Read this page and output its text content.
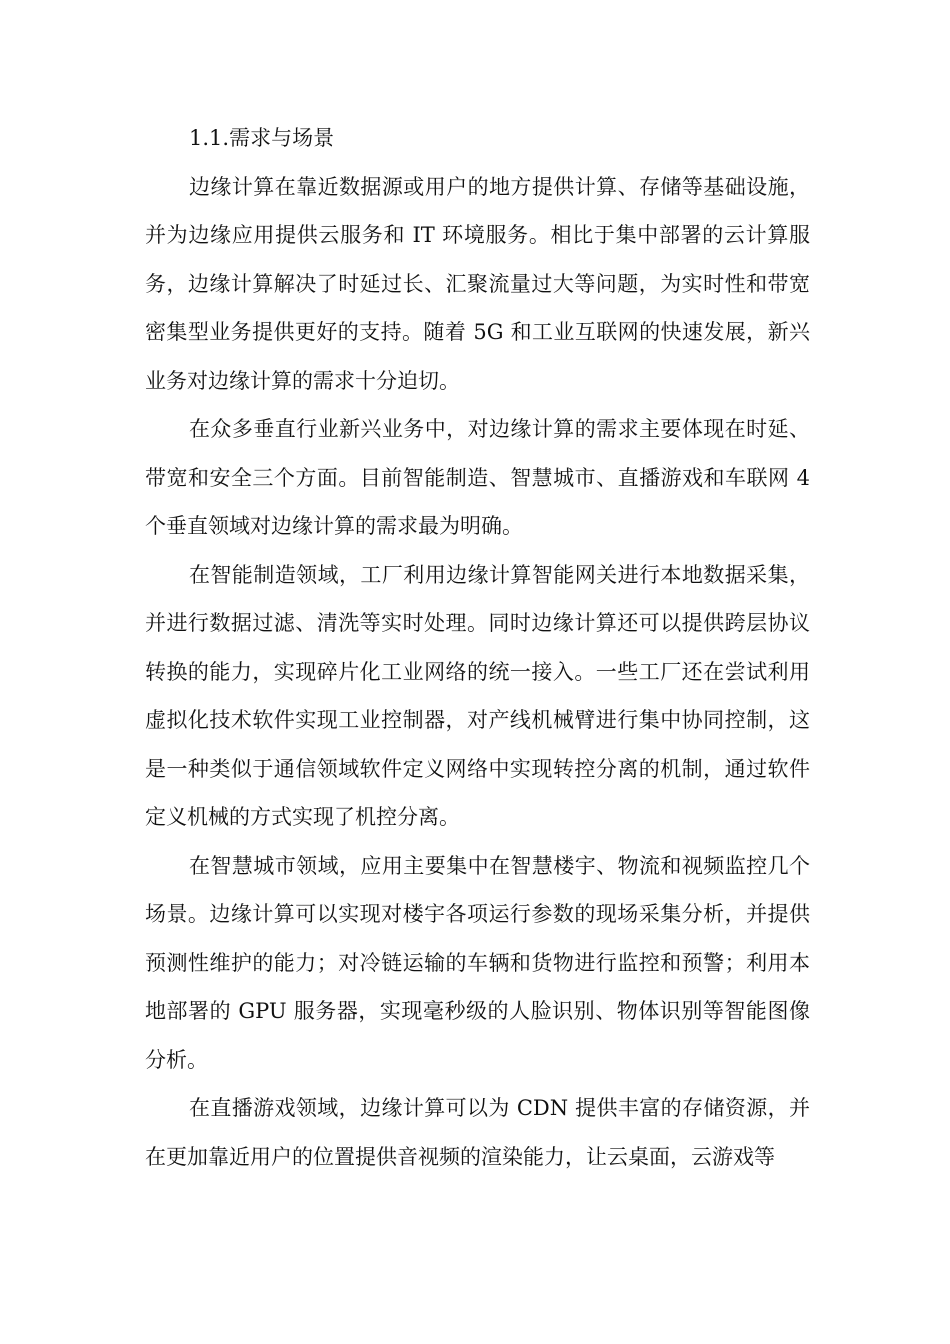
1.1.需求与场景

边缘计算在靠近数据源或用户的地方提供计算、存储等基础设施，并为边缘应用提供云服务和 IT 环境服务。相比于集中部署的云计算服务，边缘计算解决了时延过长、汇聚流量过大等问题，为实时性和带宽密集型业务提供更好的支持。随着 5G 和工业互联网的快速发展，新兴业务对边缘计算的需求十分迫切。

在众多垂直行业新兴业务中，对边缘计算的需求主要体现在时延、带宽和安全三个方面。目前智能制造、智慧城市、直播游戏和车联网 4 个垂直领域对边缘计算的需求最为明确。

在智能制造领域，工厂利用边缘计算智能网关进行本地数据采集，并进行数据过滤、清洗等实时处理。同时边缘计算还可以提供跨层协议转换的能力，实现碎片化工业网络的统一接入。一些工厂还在尝试利用虚拟化技术软件实现工业控制器，对产线机械臂进行集中协同控制，这是一种类似于通信领域软件定义网络中实现转控分离的机制，通过软件定义机械的方式实现了机控分离。

在智慧城市领域，应用主要集中在智慧楼宇、物流和视频监控几个场景。边缘计算可以实现对楼宇各项运行参数的现场采集分析，并提供预测性维护的能力；对冷链运输的车辆和货物进行监控和预警；利用本地部署的 GPU 服务器，实现毫秒级的人脸识别、物体识别等智能图像分析。

在直播游戏领域，边缘计算可以为 CDN 提供丰富的存储资源，并在更加靠近用户的位置提供音视频的渲染能力，让云桌面，云游戏等
